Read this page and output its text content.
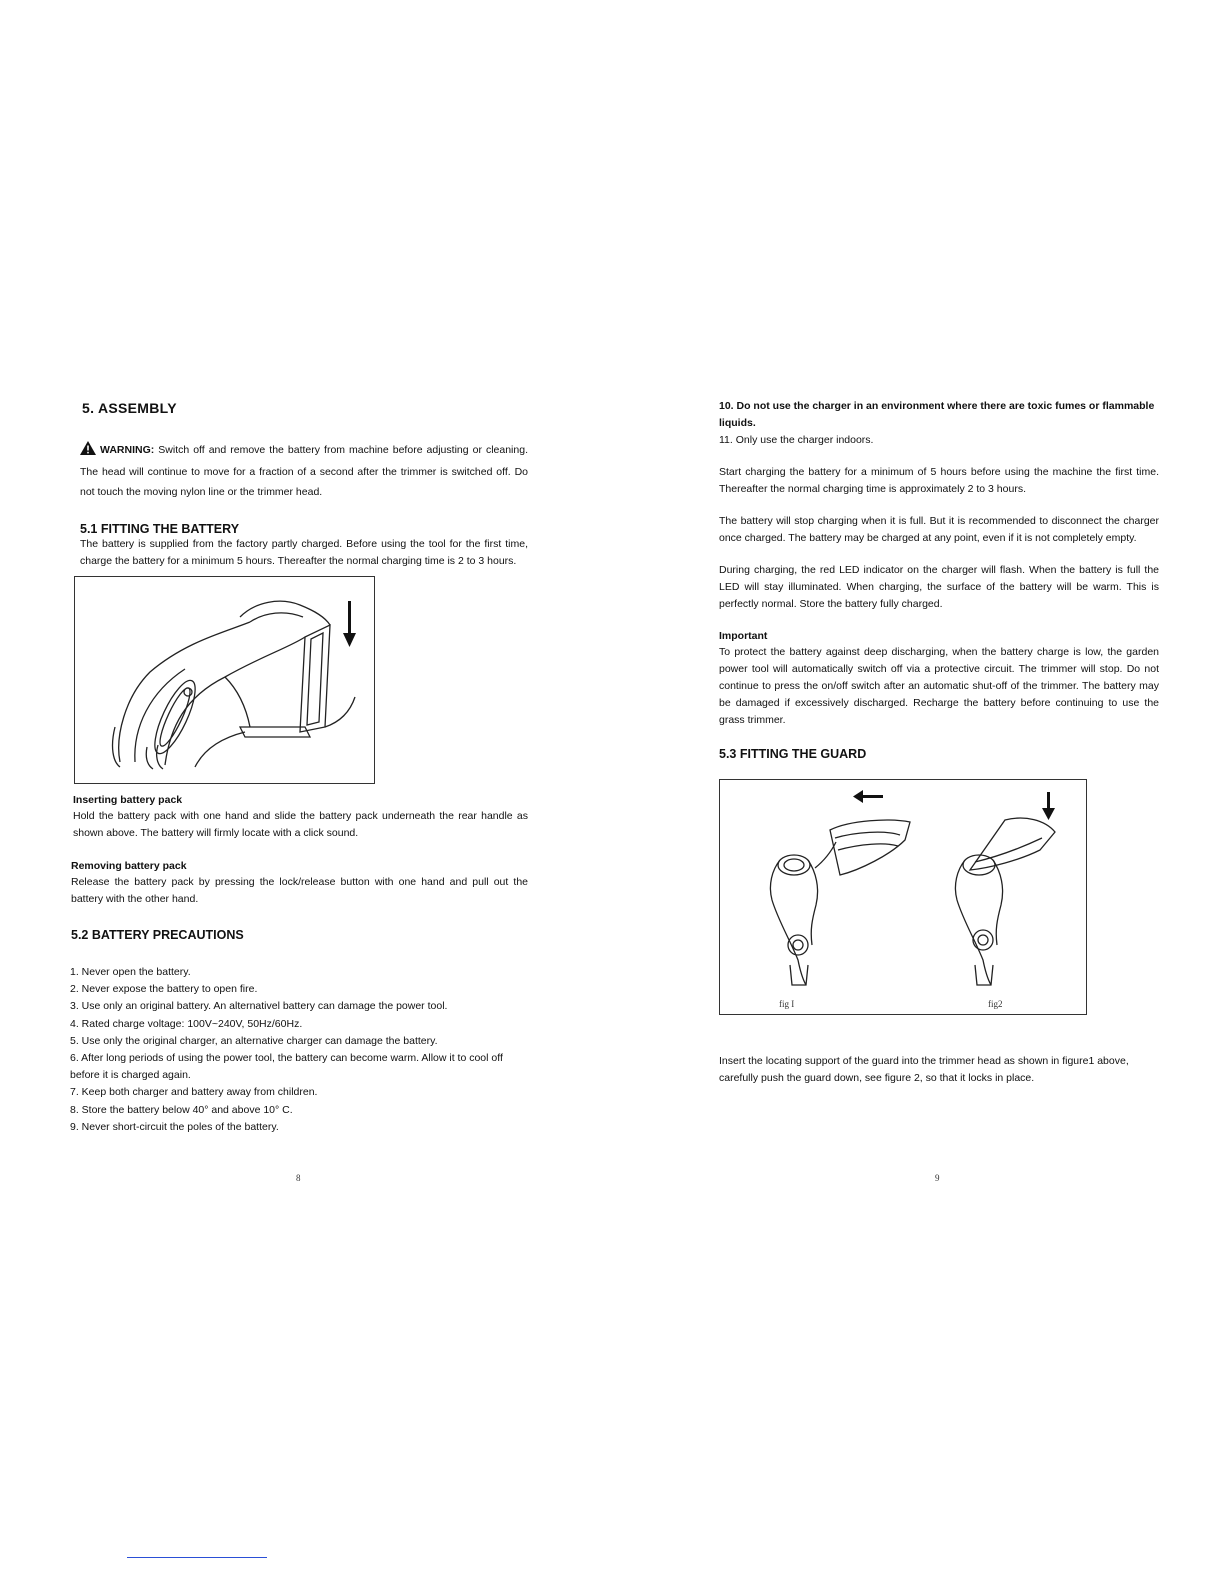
5. ASSEMBLY

WARNING: Switch off and remove the battery from machine before adjusting or cleaning. The head will continue to move for a fraction of a second after the trimmer is switched off. Do not touch the moving nylon line or the trimmer head.

5.1 FITTING THE BATTERY

The battery is supplied from the factory partly charged. Before using the tool for the first time, charge the battery for a minimum 5 hours. Thereafter the normal charging time is 2 to 3 hours.

Inserting battery pack

Hold the battery pack with one hand and slide the battery pack underneath the rear handle as shown above. The battery will firmly locate with a click sound.

Removing battery pack

Release the battery pack by pressing the lock/release button with one hand and pull out the battery with the other hand.

5.2 BATTERY PRECAUTIONS

1. Never open the battery.
2. Never expose the battery to open fire.
3. Use only an original battery. An alternativel battery can damage the power tool.
4. Rated charge voltage: 100V~240V, 50Hz/60Hz.
5. Use only the original charger, an alternative charger can damage the battery.
6. After long periods of using the power tool, the battery can become warm. Allow it to cool off before it is charged again.
7. Keep both charger and battery away from children.
8. Store the battery below 40° and above 10° C.
9. Never short-circuit the poles of the battery.
8

10. Do not use the charger in an environment where there are toxic fumes or flammable liquids.

11. Only use the charger indoors.

Start charging the battery for a minimum of 5 hours before using the machine the first time. Thereafter the normal charging time is approximately 2 to 3 hours.

The battery will stop charging when it is full. But it is recommended to disconnect the charger once charged. The battery may be charged at any point, even if it is not completely empty.

During charging, the red LED indicator on the charger will flash. When the battery is full the LED will stay illuminated. When charging, the surface of the battery will be warm. This is perfectly normal. Store the battery fully charged.

Important

To protect the battery against deep discharging, when the battery charge is low, the garden power tool will automatically switch off via a protective circuit. The trimmer will stop. Do not continue to press the on/off switch after an automatic shut-off of the trimmer. The battery may be damaged if excessively discharged. Recharge the battery before continuing to use the grass trimmer.

5.3 FITTING THE GUARD

fig I	fig2

Insert the locating support of the guard into the trimmer head as shown in figure1 above, carefully push the guard down, see figure 2, so that it locks in place.

9
